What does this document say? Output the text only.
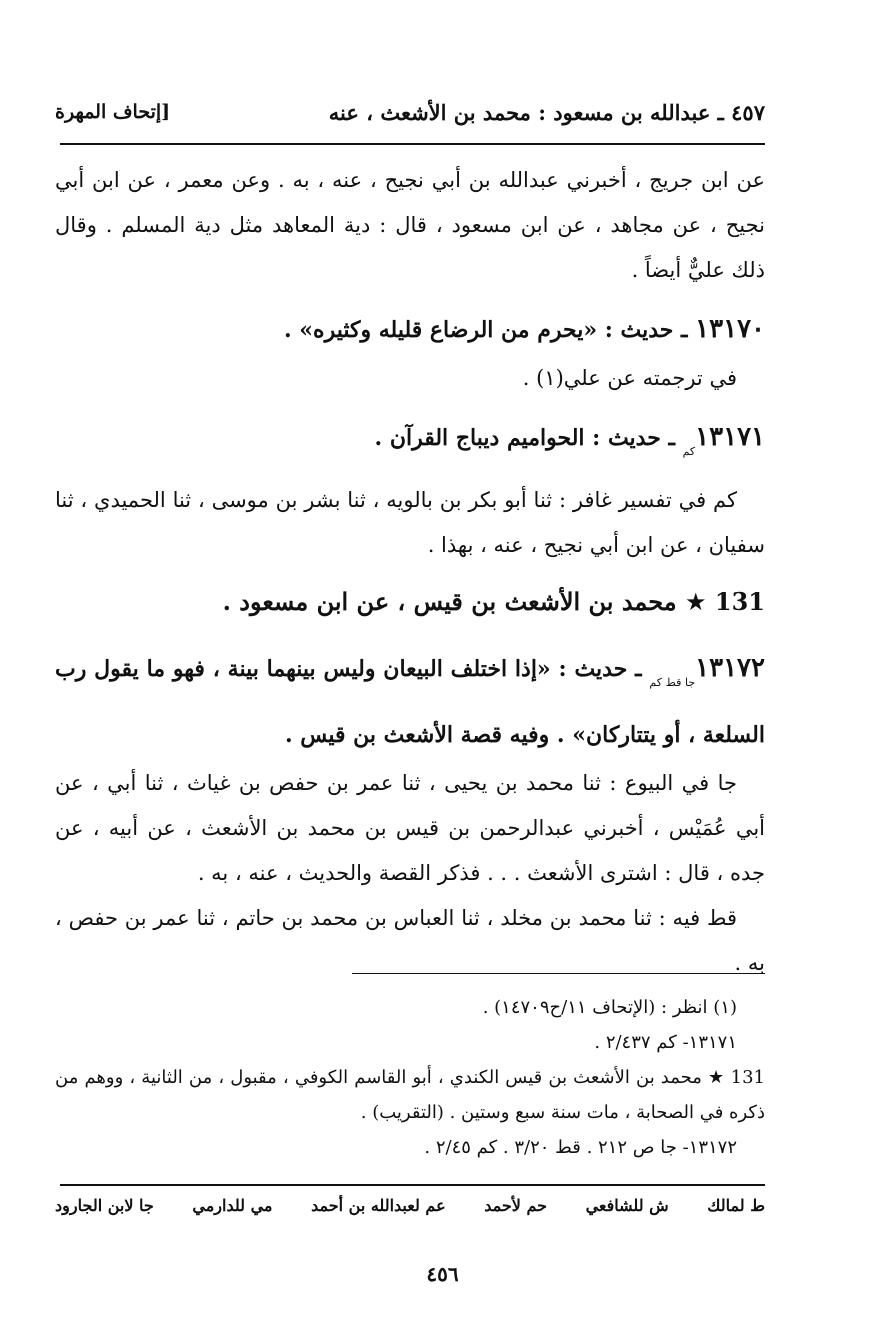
٤٥٧ ـ عبدالله بن مسعود : محمد بن الأشعث ، عنه
[إتحاف المهرة

عن ابن جريج ، أخبرني عبدالله بن أبي نجيح ، عنه ، به . وعن معمر ، عن ابن أبي نجيح ، عن مجاهد ، عن ابن مسعود ، قال : دية المعاهد مثل دية المسلم . وقال ذلك عليٌّ أيضاً .

١٣١٧٠ ـ حديث : «يحرم من الرضاع قليله وكثيره» .

في ترجمته عن علي(١) .

$١٣١٧١_{كم}$ ـ حديث : الحواميم ديباج القرآن .

كم في تفسير غافر : ثنا أبو بكر بن بالويه ، ثنا بشر بن موسى ، ثنا الحميدي ، ثنا سفيان ، عن ابن أبي نجيح ، عنه ، بهذا .

131 ★ محمد بن الأشعث بن قيس ، عن ابن مسعود .

$١٣١٧٢_{جا قط كم}$ ـ حديث : «إذا اختلف البيعان وليس بينهما بينة ، فهو ما يقول رب السلعة ، أو يتتاركان» . وفيه قصة الأشعث بن قيس .

جا في البيوع : ثنا محمد بن يحيى ، ثنا عمر بن حفص بن غياث ، ثنا أبي ، عن أبي عُمَيْس ، أخبرني عبدالرحمن بن قيس بن محمد بن الأشعث ، عن أبيه ، عن جده ، قال : اشترى الأشعث . . . فذكر القصة والحديث ، عنه ، به .

قط فيه : ثنا محمد بن مخلد ، ثنا العباس بن محمد بن حاتم ، ثنا عمر بن حفص ، به .

(١) انظر : (الإتحاف ١١/ح١٤٧٠٩) .

١٣١٧١- كم ٢/٤٣٧ .

131 ★ محمد بن الأشعث بن قيس الكندي ، أبو القاسم الكوفي ، مقبول ، من الثانية ، ووهم من ذكره في الصحابة ، مات سنة سبع وستين . (التقريب) .

١٣١٧٢- جا ص ٢١٢ . قط ٣/٢٠ . كم ٢/٤٥ .

ط لمالك
ش للشافعي
حم لأحمد
عم لعبدالله بن أحمد
مي للدارمي
جا لابن الجارود
٤٥٦
